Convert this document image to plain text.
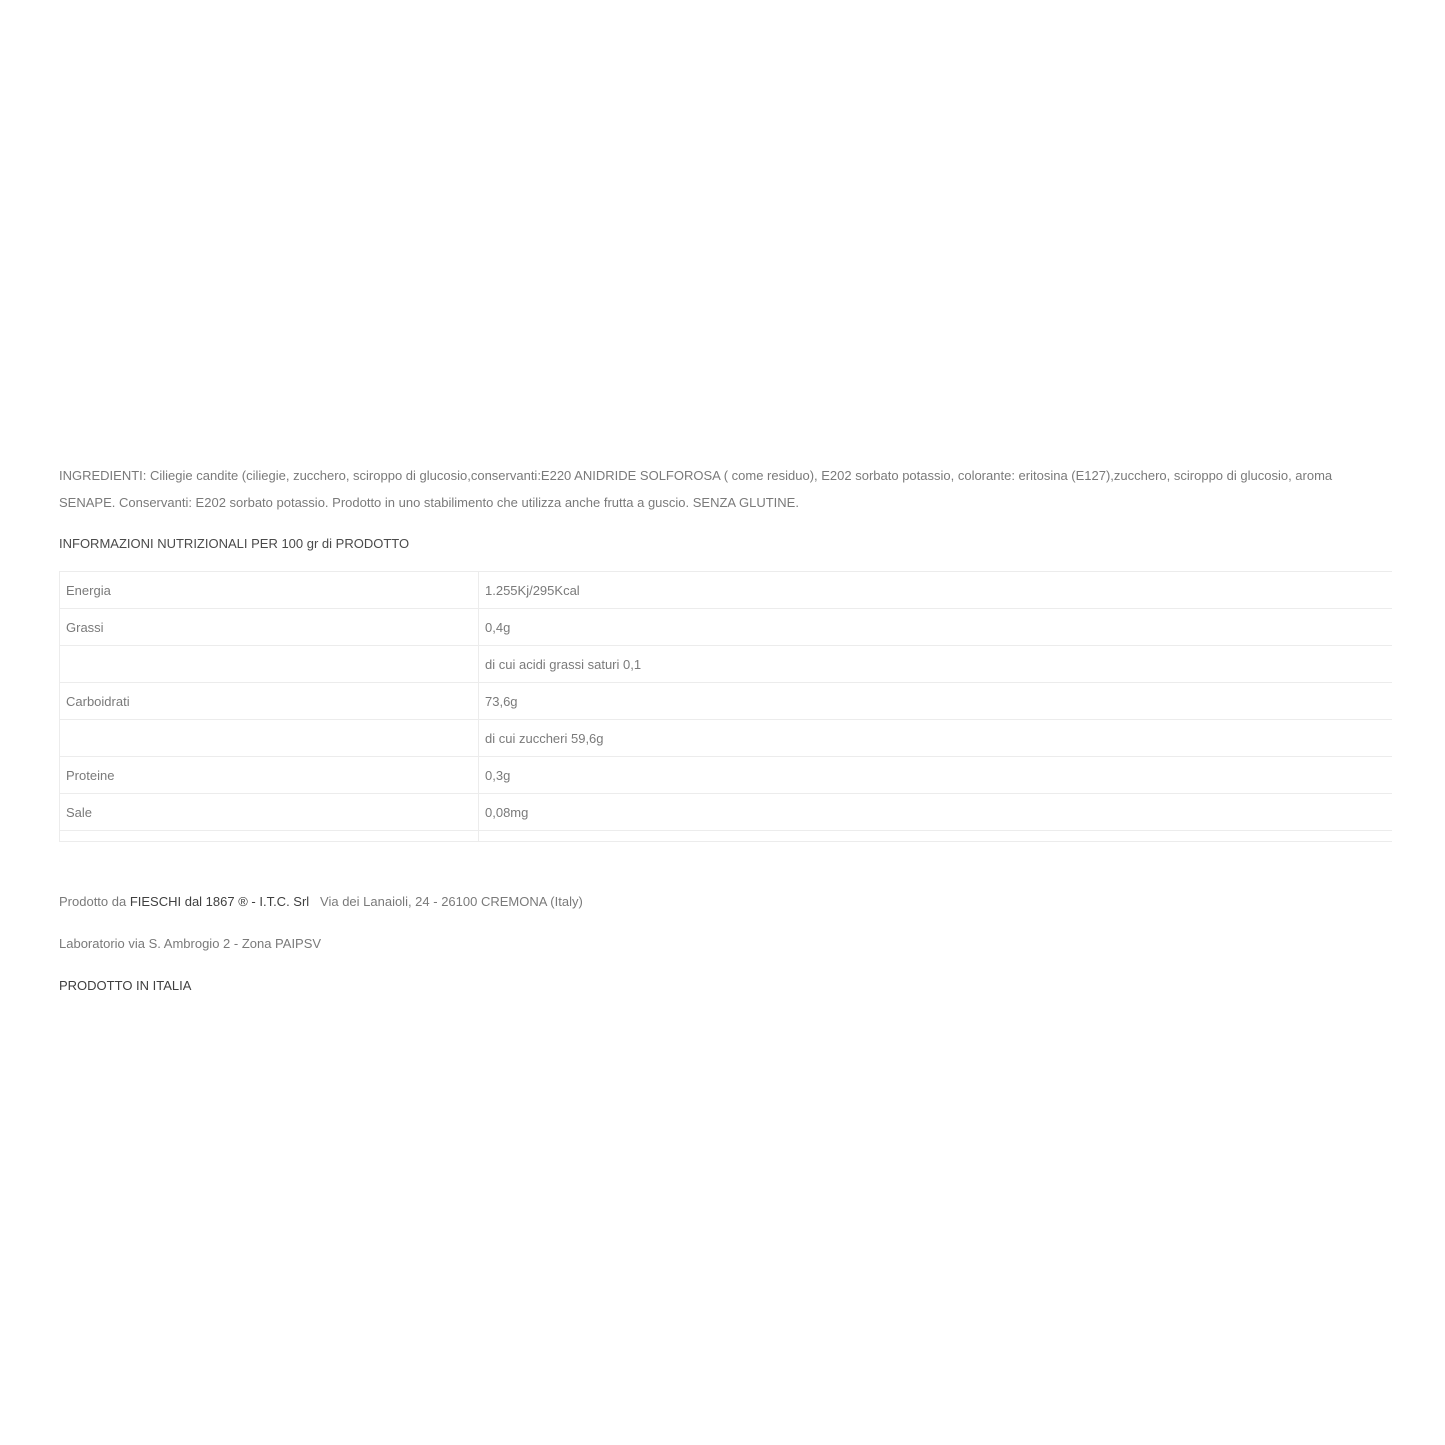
INGREDIENTI: Ciliegie candite (ciliegie, zucchero, sciroppo di glucosio,conservanti:E220 ANIDRIDE SOLFOROSA ( come residuo), E202 sorbato potassio, colorante: eritosina (E127),zucchero, sciroppo di glucosio, aroma SENAPE. Conservanti: E202 sorbato potassio. Prodotto in uno stabilimento che utilizza anche frutta a guscio. SENZA GLUTINE.

INFORMAZIONI NUTRIZIONALI PER 100 gr di PRODOTTO

Energia	1.255Kj/295Kcal
Grassi	0,4g
	di cui acidi grassi saturi 0,1
Carboidrati	73,6g
	di cui zuccheri 59,6g
Proteine	0,3g
Sale	0,08mg

Prodotto da FIESCHI dal 1867 ® - I.T.C. Srl   Via dei Lanaioli, 24 - 26100 CREMONA (Italy)

Laboratorio via S. Ambrogio 2 - Zona PAIPSV

PRODOTTO IN ITALIA
